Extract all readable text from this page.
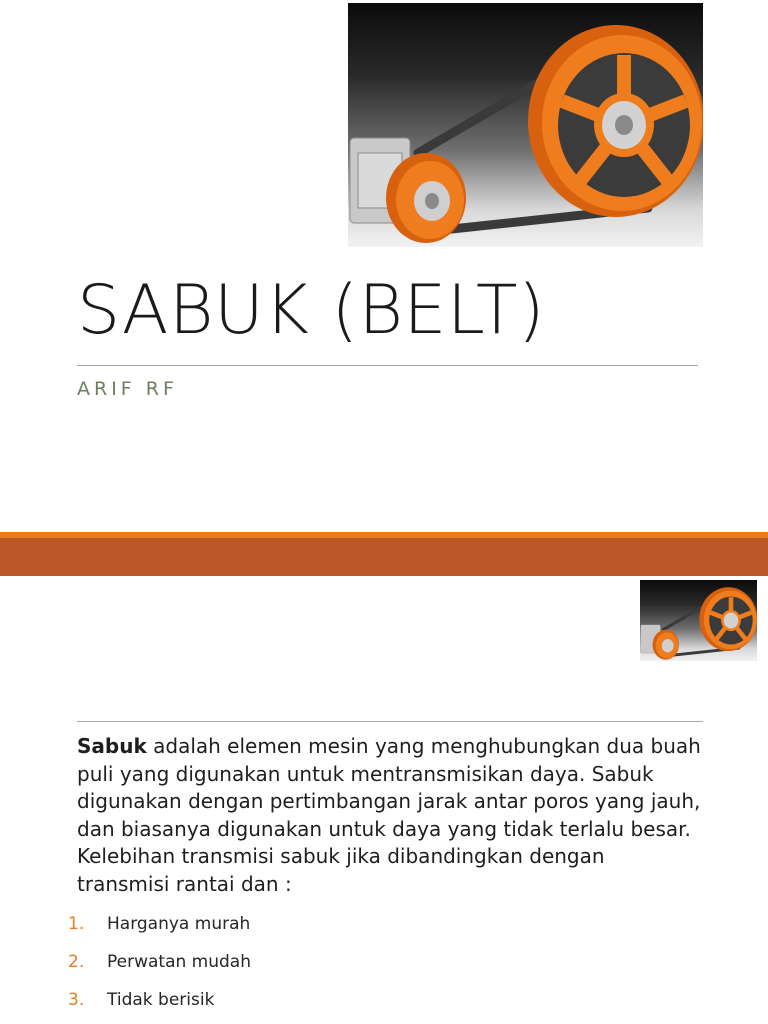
SABUK (BELT)

ARIF RF

Sabuk adalah elemen mesin yang menghubungkan dua buah puli yang digunakan untuk mentransmisikan daya. Sabuk digunakan dengan pertimbangan jarak antar poros yang jauh, dan biasanya digunakan untuk daya yang tidak terlalu besar. Kelebihan transmisi sabuk jika dibandingkan dengan transmisi rantai dan :

1.	Harganya murah
2.	Perwatan mudah
3.	Tidak berisik
